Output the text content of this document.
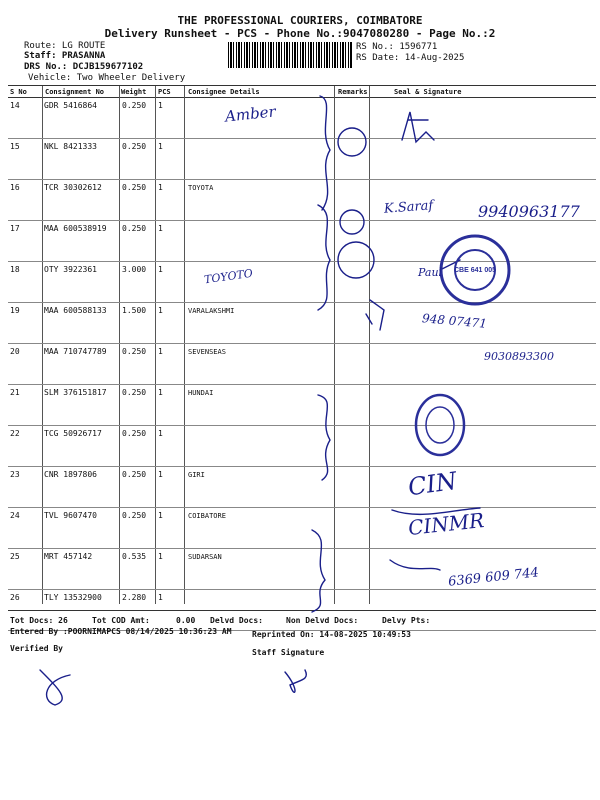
THE PROFESSIONAL COURIERS, COIMBATORE
Delivery Runsheet - PCS - Phone No.:9047080280 - Page No.:2
Route: LG ROUTE
Staff: PRASANNA
DRS No.: DCJB159677102
Vehicle: Two Wheeler Delivery
RS No.: 1596771
RS Date: 14-Aug-2025
S No	Consignment No Weight PCS Consignee Details	Remarks	Seal & Signature
14	GDR 5416864	0.250 1
15	NKL 8421333	0.250 1
16	TCR 30302612	0.250 1	TOYOTA
17	MAA 600538919 0.250 1
18	OTY 3922361	3.000 1
19	MAA 600588133 1.500 1	VARALAKSHMI
20	MAA 710747789 0.250 1	SEVENSEAS
21	SLM 376151817 0.250 1	HUNDAI
22	TCG 50926717	0.250 1
23	CNR 1897806	0.250 1	GIRI
24	TVL 9607470	0.250 1	COIBATORE
25	MRT 457142	0.535 1	SUDARSAN
26	TLY 13532900	2.280 1
CBE 641 005
Amber
K.Saraf	9940963177
TOYOTO	Paul
948 07471
9030893300
CIN
CINMR
6369 609 744
Tot Docs: 26	Tot COD Amt:	0.00 Delvd Docs:	Non Delvd Docs:	Delvy Pts:
Entered By :POORNIMAPCS 08/14/2025 10:36:23 AM	Reprinted On: 14-08-2025 10:49:53
Verified By	Staff Signature
